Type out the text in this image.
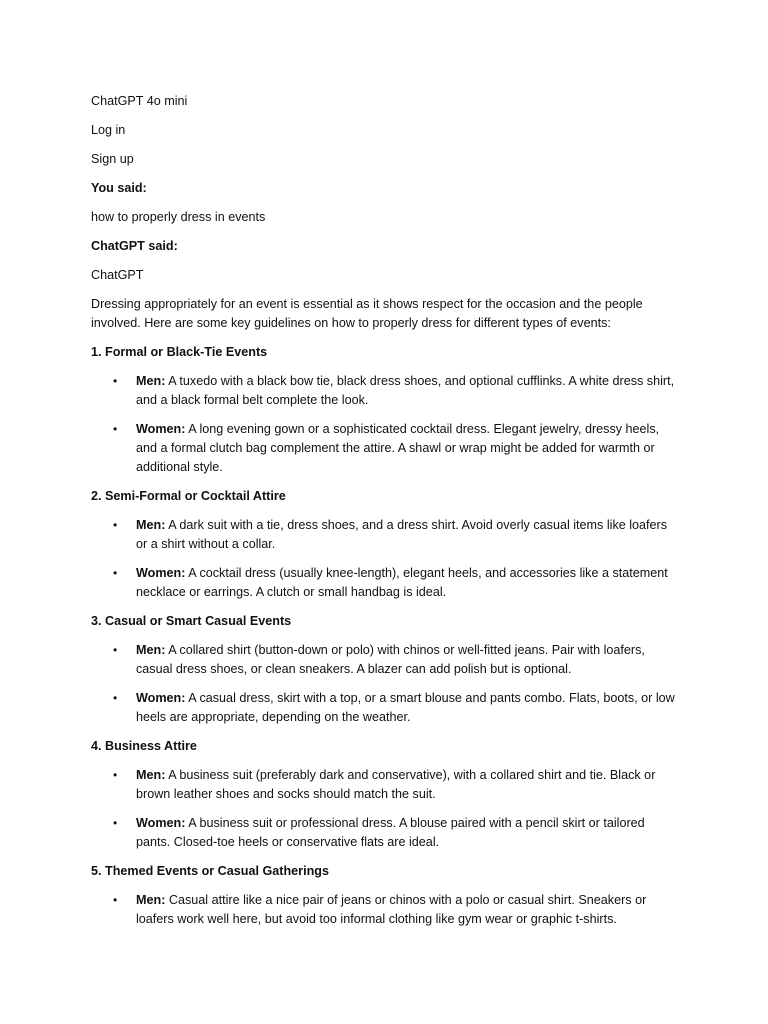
ChatGPT 4o mini
Log in
Sign up
You said:
how to properly dress in events
ChatGPT said:
ChatGPT
Dressing appropriately for an event is essential as it shows respect for the occasion and the people involved. Here are some key guidelines on how to properly dress for different types of events:
1. Formal or Black-Tie Events
• Men: A tuxedo with a black bow tie, black dress shoes, and optional cufflinks. A white dress shirt, and a black formal belt complete the look.
• Women: A long evening gown or a sophisticated cocktail dress. Elegant jewelry, dressy heels, and a formal clutch bag complement the attire. A shawl or wrap might be added for warmth or additional style.
2. Semi-Formal or Cocktail Attire
• Men: A dark suit with a tie, dress shoes, and a dress shirt. Avoid overly casual items like loafers or a shirt without a collar.
• Women: A cocktail dress (usually knee-length), elegant heels, and accessories like a statement necklace or earrings. A clutch or small handbag is ideal.
3. Casual or Smart Casual Events
• Men: A collared shirt (button-down or polo) with chinos or well-fitted jeans. Pair with loafers, casual dress shoes, or clean sneakers. A blazer can add polish but is optional.
• Women: A casual dress, skirt with a top, or a smart blouse and pants combo. Flats, boots, or low heels are appropriate, depending on the weather.
4. Business Attire
• Men: A business suit (preferably dark and conservative), with a collared shirt and tie. Black or brown leather shoes and socks should match the suit.
• Women: A business suit or professional dress. A blouse paired with a pencil skirt or tailored pants. Closed-toe heels or conservative flats are ideal.
5. Themed Events or Casual Gatherings
• Men: Casual attire like a nice pair of jeans or chinos with a polo or casual shirt. Sneakers or loafers work well here, but avoid too informal clothing like gym wear or graphic t-shirts.
